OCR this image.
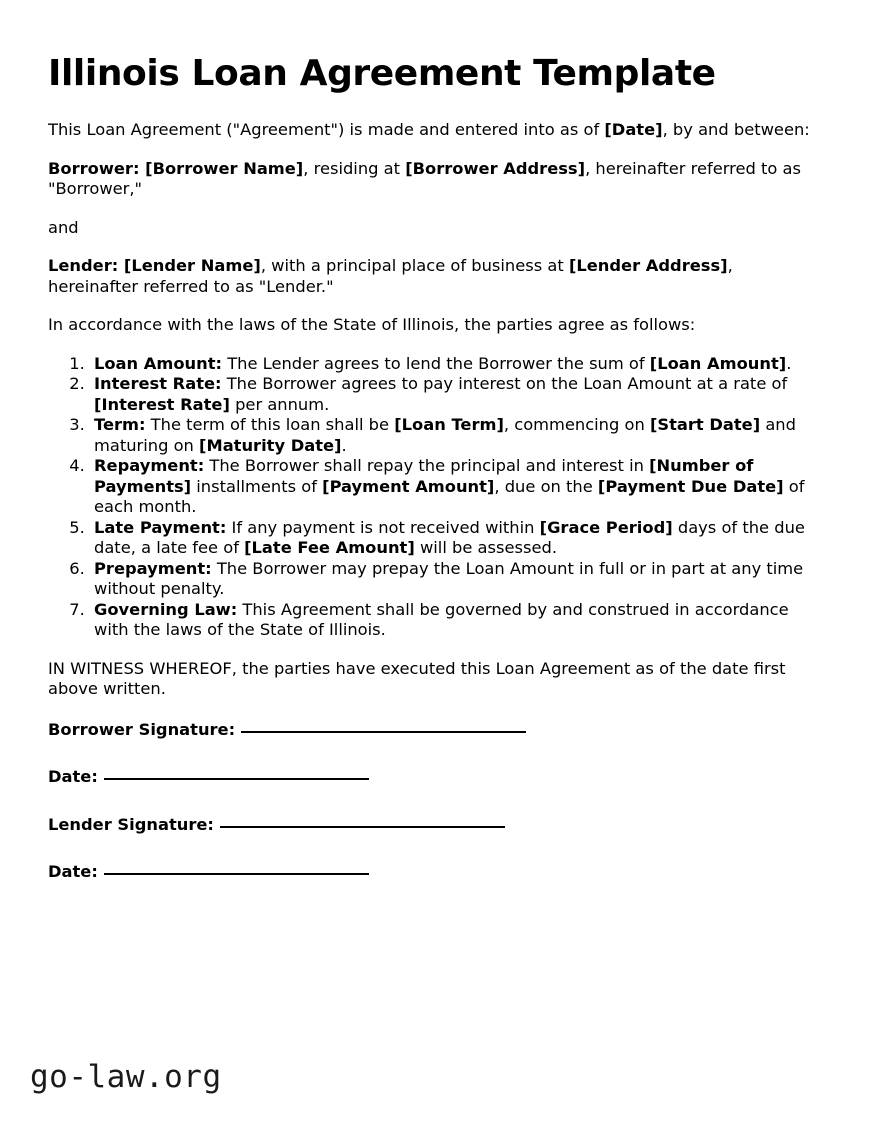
Illinois Loan Agreement Template

This Loan Agreement ("Agreement") is made and entered into as of [Date], by and between:

Borrower: [Borrower Name], residing at [Borrower Address], hereinafter referred to as "Borrower,"

and

Lender: [Lender Name], with a principal place of business at [Lender Address], hereinafter referred to as "Lender."

In accordance with the laws of the State of Illinois, the parties agree as follows:

1. Loan Amount: The Lender agrees to lend the Borrower the sum of [Loan Amount].
2. Interest Rate: The Borrower agrees to pay interest on the Loan Amount at a rate of [Interest Rate] per annum.
3. Term: The term of this loan shall be [Loan Term], commencing on [Start Date] and maturing on [Maturity Date].
4. Repayment: The Borrower shall repay the principal and interest in [Number of Payments] installments of [Payment Amount], due on the [Payment Due Date] of each month.
5. Late Payment: If any payment is not received within [Grace Period] days of the due date, a late fee of [Late Fee Amount] will be assessed.
6. Prepayment: The Borrower may prepay the Loan Amount in full or in part at any time without penalty.
7. Governing Law: This Agreement shall be governed by and construed in accordance with the laws of the State of Illinois.

IN WITNESS WHEREOF, the parties have executed this Loan Agreement as of the date first above written.

Borrower Signature:
Date:
Lender Signature:
Date:
go-law.org
